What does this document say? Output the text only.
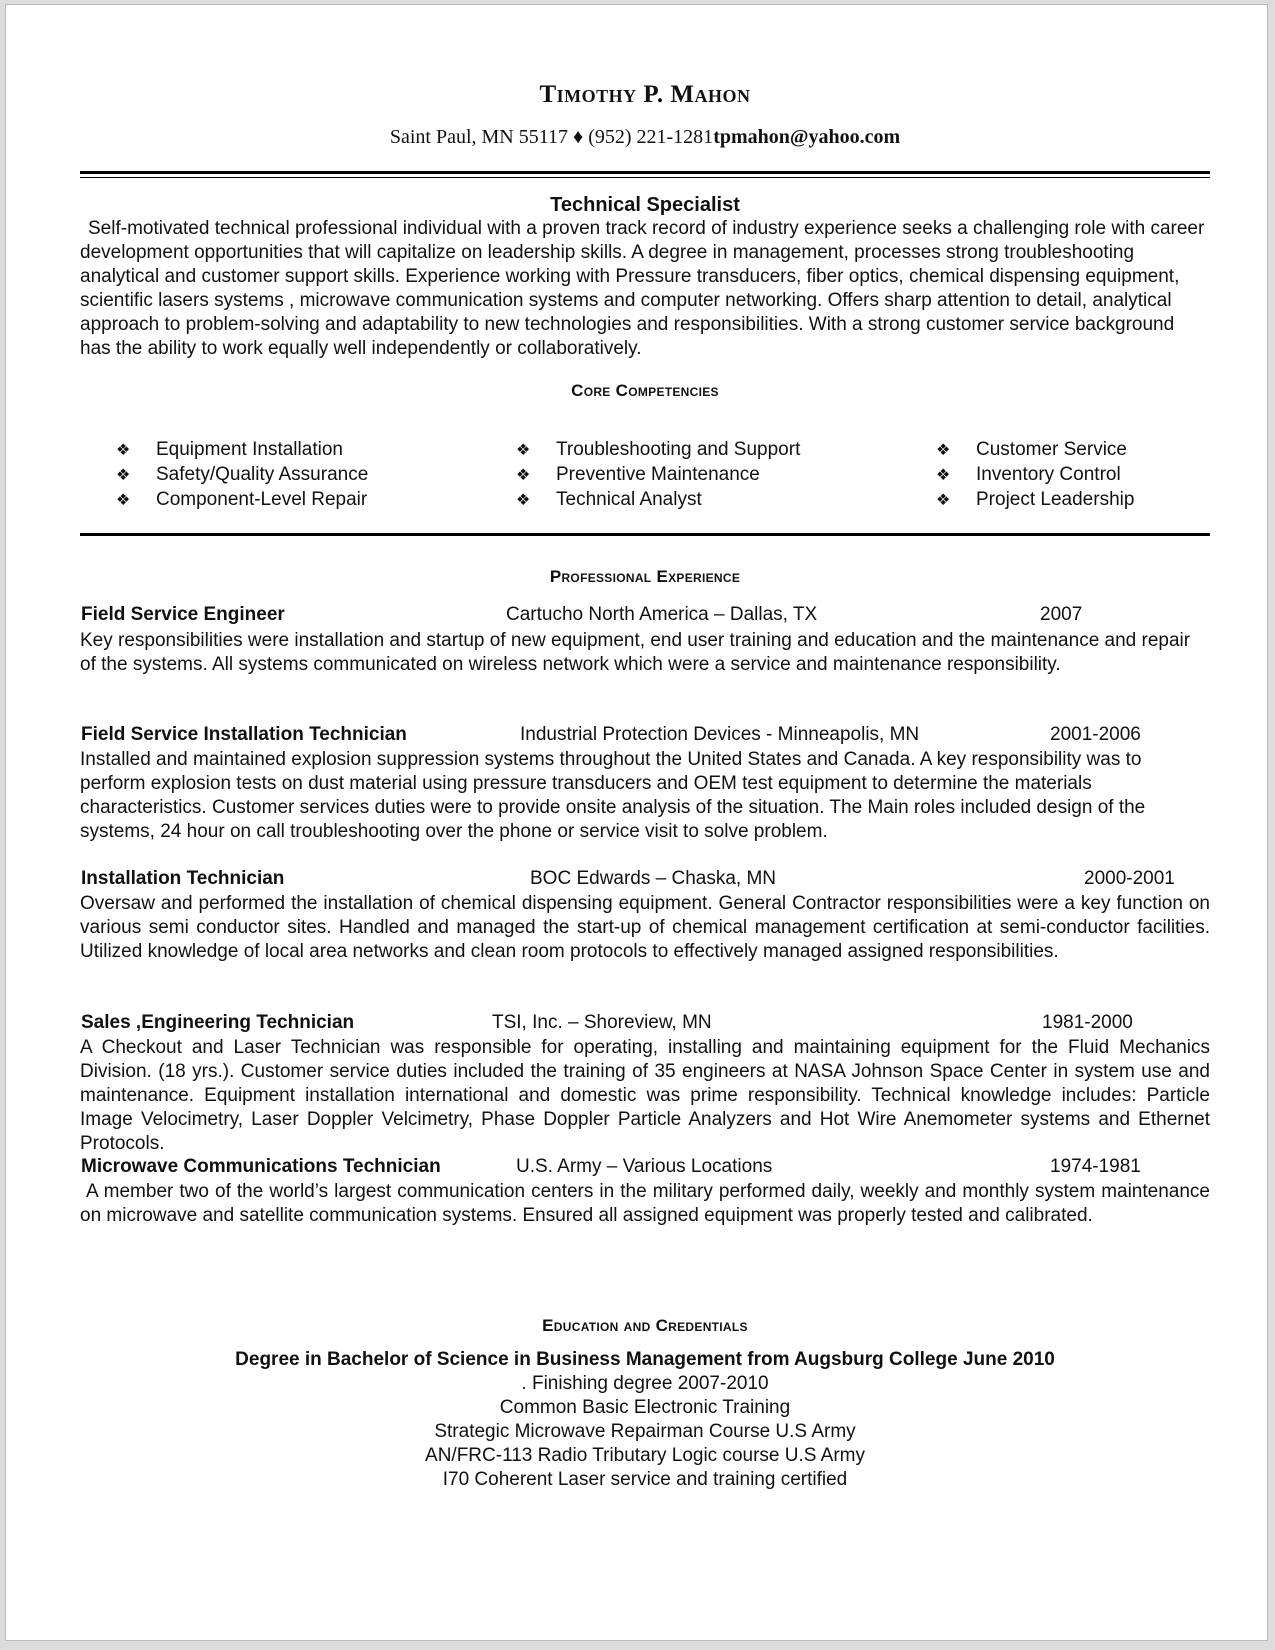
Timothy P. Mahon
Saint Paul, MN 55117 ♦ (952) 221-1281tpmahon@yahoo.com
Technical Specialist
Self-motivated technical professional individual with a proven track record of industry experience seeks a challenging role with career development opportunities that will capitalize on leadership skills. A degree in management, processes strong troubleshooting analytical and customer support skills. Experience working with Pressure transducers, fiber optics, chemical dispensing equipment, scientific lasers systems , microwave communication systems and computer networking. Offers sharp attention to detail, analytical approach to problem-solving and adaptability to new technologies and responsibilities. With a strong customer service background has the ability to work equally well independently or collaboratively.
Core Competencies
❖ Equipment Installation
❖ Safety/Quality Assurance
❖ Component-Level Repair
❖ Troubleshooting and Support
❖ Preventive Maintenance
❖ Technical Analyst
❖ Customer Service
❖ Inventory Control
❖ Project Leadership
Professional Experience
Field Service Engineer	Cartucho North America – Dallas, TX	2007
Key responsibilities were installation and startup of new equipment, end user training and education and the maintenance and repair of the systems. All systems communicated on wireless network which were a service and maintenance responsibility.
Field Service Installation Technician	Industrial Protection Devices - Minneapolis, MN	2001-2006
Installed and maintained explosion suppression systems throughout the United States and Canada. A key responsibility was to perform explosion tests on dust material using pressure transducers and OEM test equipment to determine the materials characteristics. Customer services duties were to provide onsite analysis of the situation. The Main roles included design of the systems, 24 hour on call troubleshooting over the phone or service visit to solve problem.
Installation Technician	BOC Edwards – Chaska, MN	2000-2001
Oversaw and performed the installation of chemical dispensing equipment. General Contractor responsibilities were a key function on various semi conductor sites. Handled and managed the start-up of chemical management certification at semi-conductor facilities. Utilized knowledge of local area networks and clean room protocols to effectively managed assigned responsibilities.
Sales ,Engineering Technician	TSI, Inc. – Shoreview, MN	1981-2000
A Checkout and Laser Technician was responsible for operating, installing and maintaining equipment for the Fluid Mechanics Division. (18 yrs.). Customer service duties included the training of 35 engineers at NASA Johnson Space Center in system use and maintenance. Equipment installation international and domestic was prime responsibility. Technical knowledge includes: Particle Image Velocimetry, Laser Doppler Velcimetry, Phase Doppler Particle Analyzers and Hot Wire Anemometer systems and Ethernet Protocols.
Microwave Communications Technician	U.S. Army – Various Locations	1974-1981
A member two of the world’s largest communication centers in the military performed daily, weekly and monthly system maintenance on microwave and satellite communication systems. Ensured all assigned equipment was properly tested and calibrated.
Education and Credentials
Degree in Bachelor of Science in Business Management from Augsburg College June 2010
. Finishing degree 2007-2010
Common Basic Electronic Training
Strategic Microwave Repairman Course U.S Army
AN/FRC-113 Radio Tributary Logic course U.S Army
I70 Coherent Laser service and training certified
